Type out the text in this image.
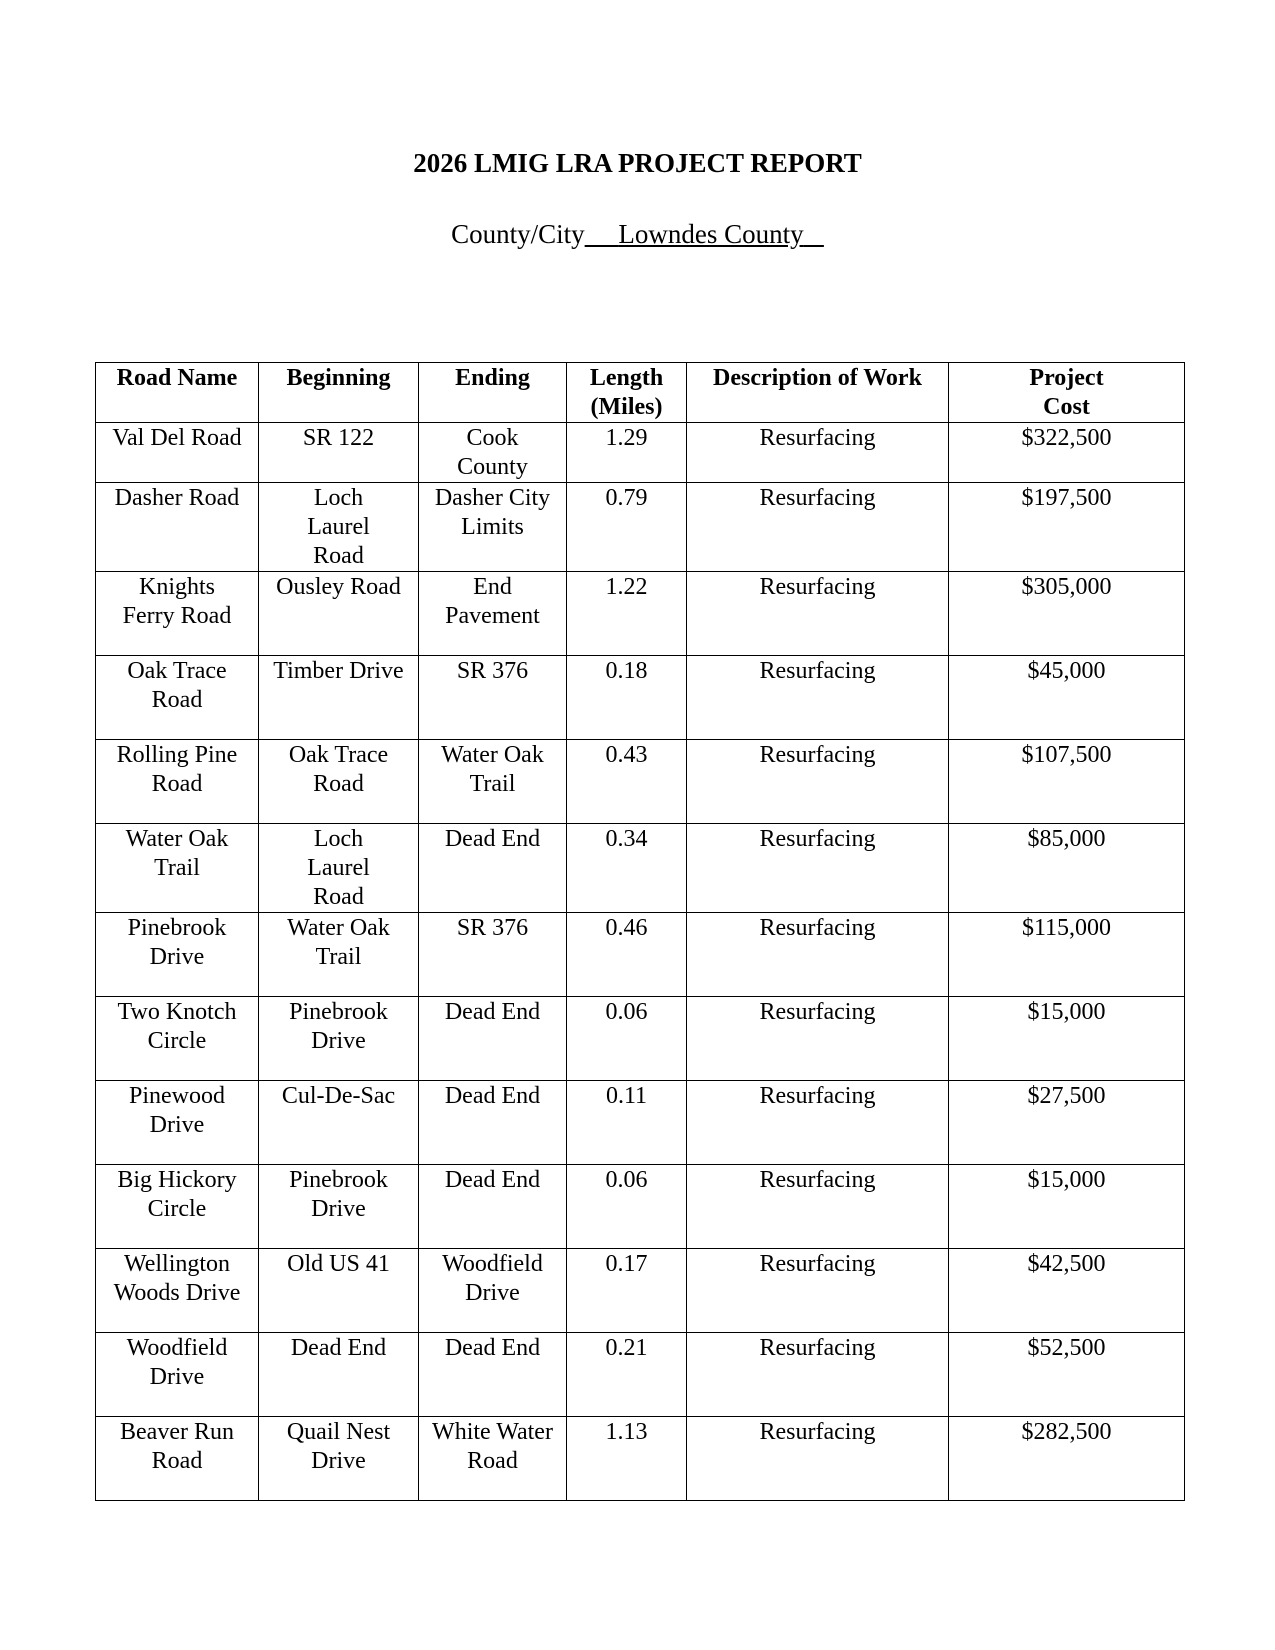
2026 LMIG LRA PROJECT REPORT
County/City Lowndes County
Road Name	Beginning	Ending	Length (Miles)	Description of Work	Project Cost
Val Del Road	SR 122	Cook County	1.29	Resurfacing	$322,500
Dasher Road	Loch Laurel Road	Dasher City Limits	0.79	Resurfacing	$197,500
Knights Ferry Road	Ousley Road	End Pavement	1.22	Resurfacing	$305,000
Oak Trace Road	Timber Drive	SR 376	0.18	Resurfacing	$45,000
Rolling Pine Road	Oak Trace Road	Water Oak Trail	0.43	Resurfacing	$107,500
Water Oak Trail	Loch Laurel Road	Dead End	0.34	Resurfacing	$85,000
Pinebrook Drive	Water Oak Trail	SR 376	0.46	Resurfacing	$115,000
Two Knotch Circle	Pinebrook Drive	Dead End	0.06	Resurfacing	$15,000
Pinewood Drive	Cul-De-Sac	Dead End	0.11	Resurfacing	$27,500
Big Hickory Circle	Pinebrook Drive	Dead End	0.06	Resurfacing	$15,000
Wellington Woods Drive	Old US 41	Woodfield Drive	0.17	Resurfacing	$42,500
Woodfield Drive	Dead End	Dead End	0.21	Resurfacing	$52,500
Beaver Run Road	Quail Nest Drive	White Water Road	1.13	Resurfacing	$282,500
